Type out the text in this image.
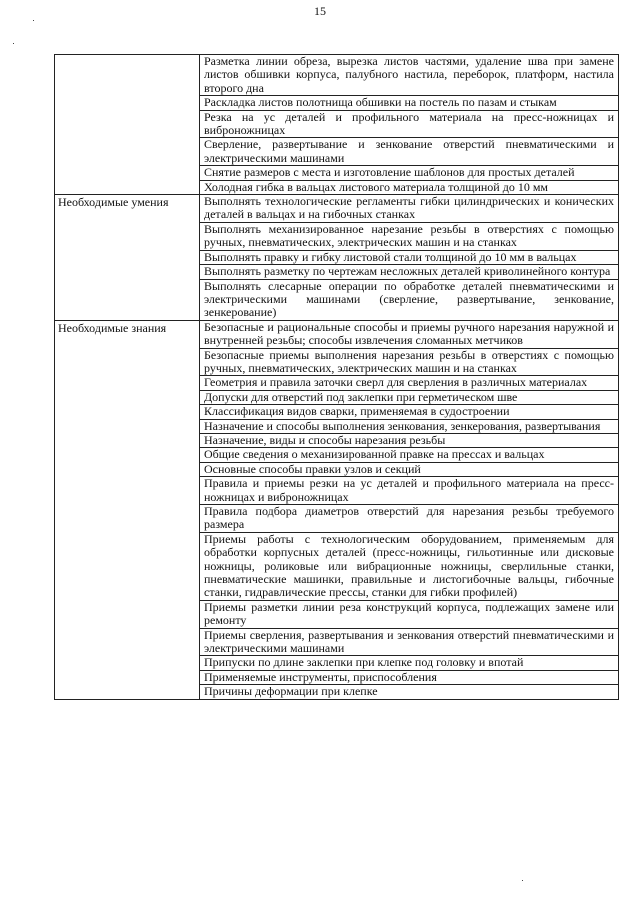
15
	Разметка линии обреза, вырезка листов частями, удаление шва при замене листов обшивки корпуса, палубного настила, переборок, платформ, настила второго дна
	Раскладка листов полотнища обшивки на постель по пазам и стыкам
	Резка на ус деталей и профильного материала на пресс-ножницах и виброножницах
	Сверление, развертывание и зенкование отверстий пневматическими и электрическими машинами
	Снятие размеров с места и изготовление шаблонов для простых деталей
	Холодная гибка в вальцах листового материала толщиной до 10 мм
Необходимые умения	Выполнять технологические регламенты гибки цилиндрических и конических деталей в вальцах и на гибочных станках
	Выполнять механизированное нарезание резьбы в отверстиях с помощью ручных, пневматических, электрических машин и на станках
	Выполнять правку и гибку листовой стали толщиной до 10 мм в вальцах
	Выполнять разметку по чертежам несложных деталей криволинейного контура
	Выполнять слесарные операции по обработке деталей пневматическими и электрическими машинами (сверление, развертывание, зенкование, зенкерование)
Необходимые знания	Безопасные и рациональные способы и приемы ручного нарезания наружной и внутренней резьбы; способы извлечения сломанных метчиков
	Безопасные приемы выполнения нарезания резьбы в отверстиях с помощью ручных, пневматических, электрических машин и на станках
	Геометрия и правила заточки сверл для сверления в различных материалах
	Допуски для отверстий под заклепки при герметическом шве
	Классификация видов сварки, применяемая в судостроении
	Назначение и способы выполнения зенкования, зенкерования, развертывания
	Назначение, виды и способы нарезания резьбы
	Общие сведения о механизированной правке на прессах и вальцах
	Основные способы правки узлов и секций
	Правила и приемы резки на ус деталей и профильного материала на пресс-ножницах и виброножницах
	Правила подбора диаметров отверстий для нарезания резьбы требуемого размера
	Приемы работы с технологическим оборудованием, применяемым для обработки корпусных деталей (пресс-ножницы, гильотинные или дисковые ножницы, роликовые или вибрационные ножницы, сверлильные станки, пневматические машинки, правильные и листогибочные вальцы, гибочные станки, гидравлические прессы, станки для гибки профилей)
	Приемы разметки линии реза конструкций корпуса, подлежащих замене или ремонту
	Приемы сверления, развертывания и зенкования отверстий пневматическими и электрическими машинами
	Припуски по длине заклепки при клепке под головку и впотай
	Применяемые инструменты, приспособления
	Причины деформации при клепке
